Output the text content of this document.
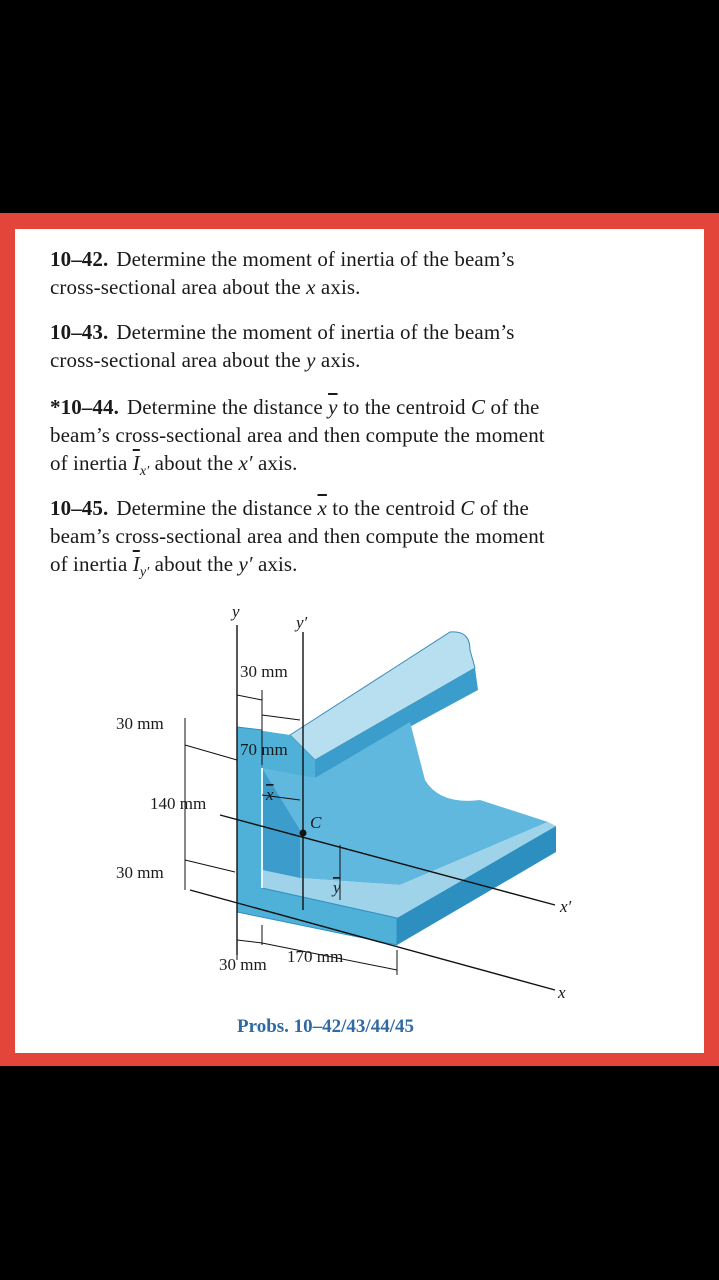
10–42. Determine the moment of inertia of the beam’s
cross-sectional area about the x axis.
10–43. Determine the moment of inertia of the beam’s
cross-sectional area about the y axis.
*10–44. Determine the distance $\overline{y}$ to the centroid C of the
beam’s cross-sectional area and then compute the moment
of inertia $\overline{I}_{x'}$ about the x′ axis.
10–45. Determine the distance $\overline{x}$ to the centroid C of the
beam’s cross-sectional area and then compute the moment
of inertia $\overline{I}_{y'}$ about the y′ axis.
y
y′
30 mm
30 mm
70 mm
140 mm
30 mm
30 mm 170 mm
x
C
y
x′
x
Probs. 10–42/43/44/45
